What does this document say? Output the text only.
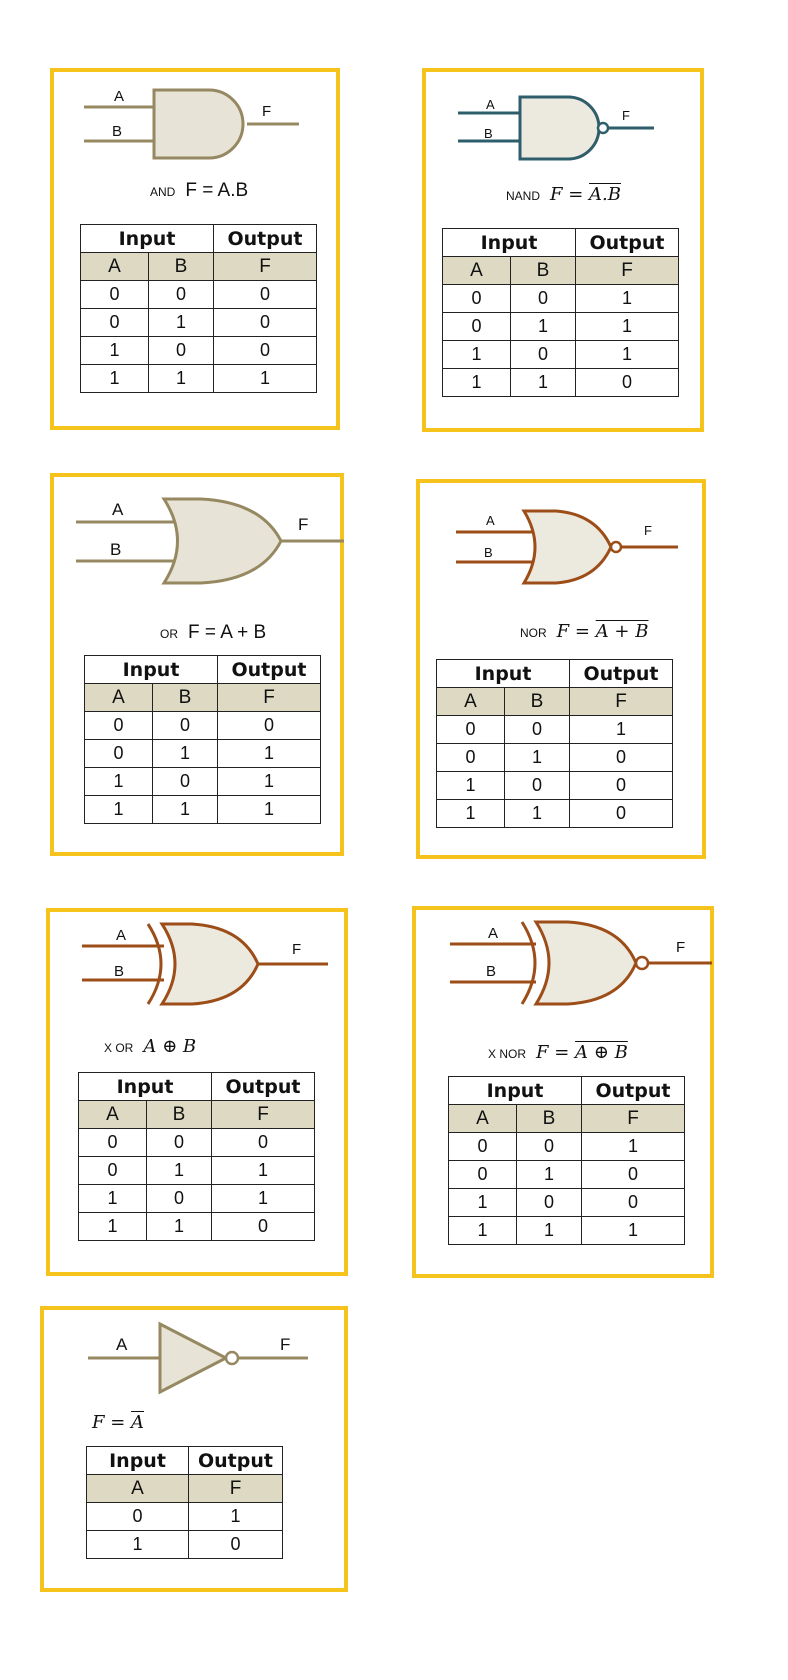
A
B
F
AND F = A.B
Input		Output
A	B	F
0	0	0
0	1	0
1	0	0
1	1	1
A
B
F
NAND F = A.B
Input		Output
A	B	F
0	0	1
0	1	1
1	0	1
1	1	0
A
B
F
OR F = A + B
Input		Output
A	B	F
0	0	0
0	1	1
1	0	1
1	1	1
A
B
F
NOR F = A + B
Input		Output
A	B	F
0	0	1
0	1	0
1	0	0
1	1	0
A
B
F
X OR A ⊕ B
Input		Output
A	B	F
0	0	0
0	1	1
1	0	1
1	1	0
A
B
F
X NOR F = A ⊕ B
Input		Output
A	B	F
0	0	1
0	1	0
1	0	0
1	1	1
A	F
$F = \overline{A}$
Input	Output
A	F
0	1
1	0
